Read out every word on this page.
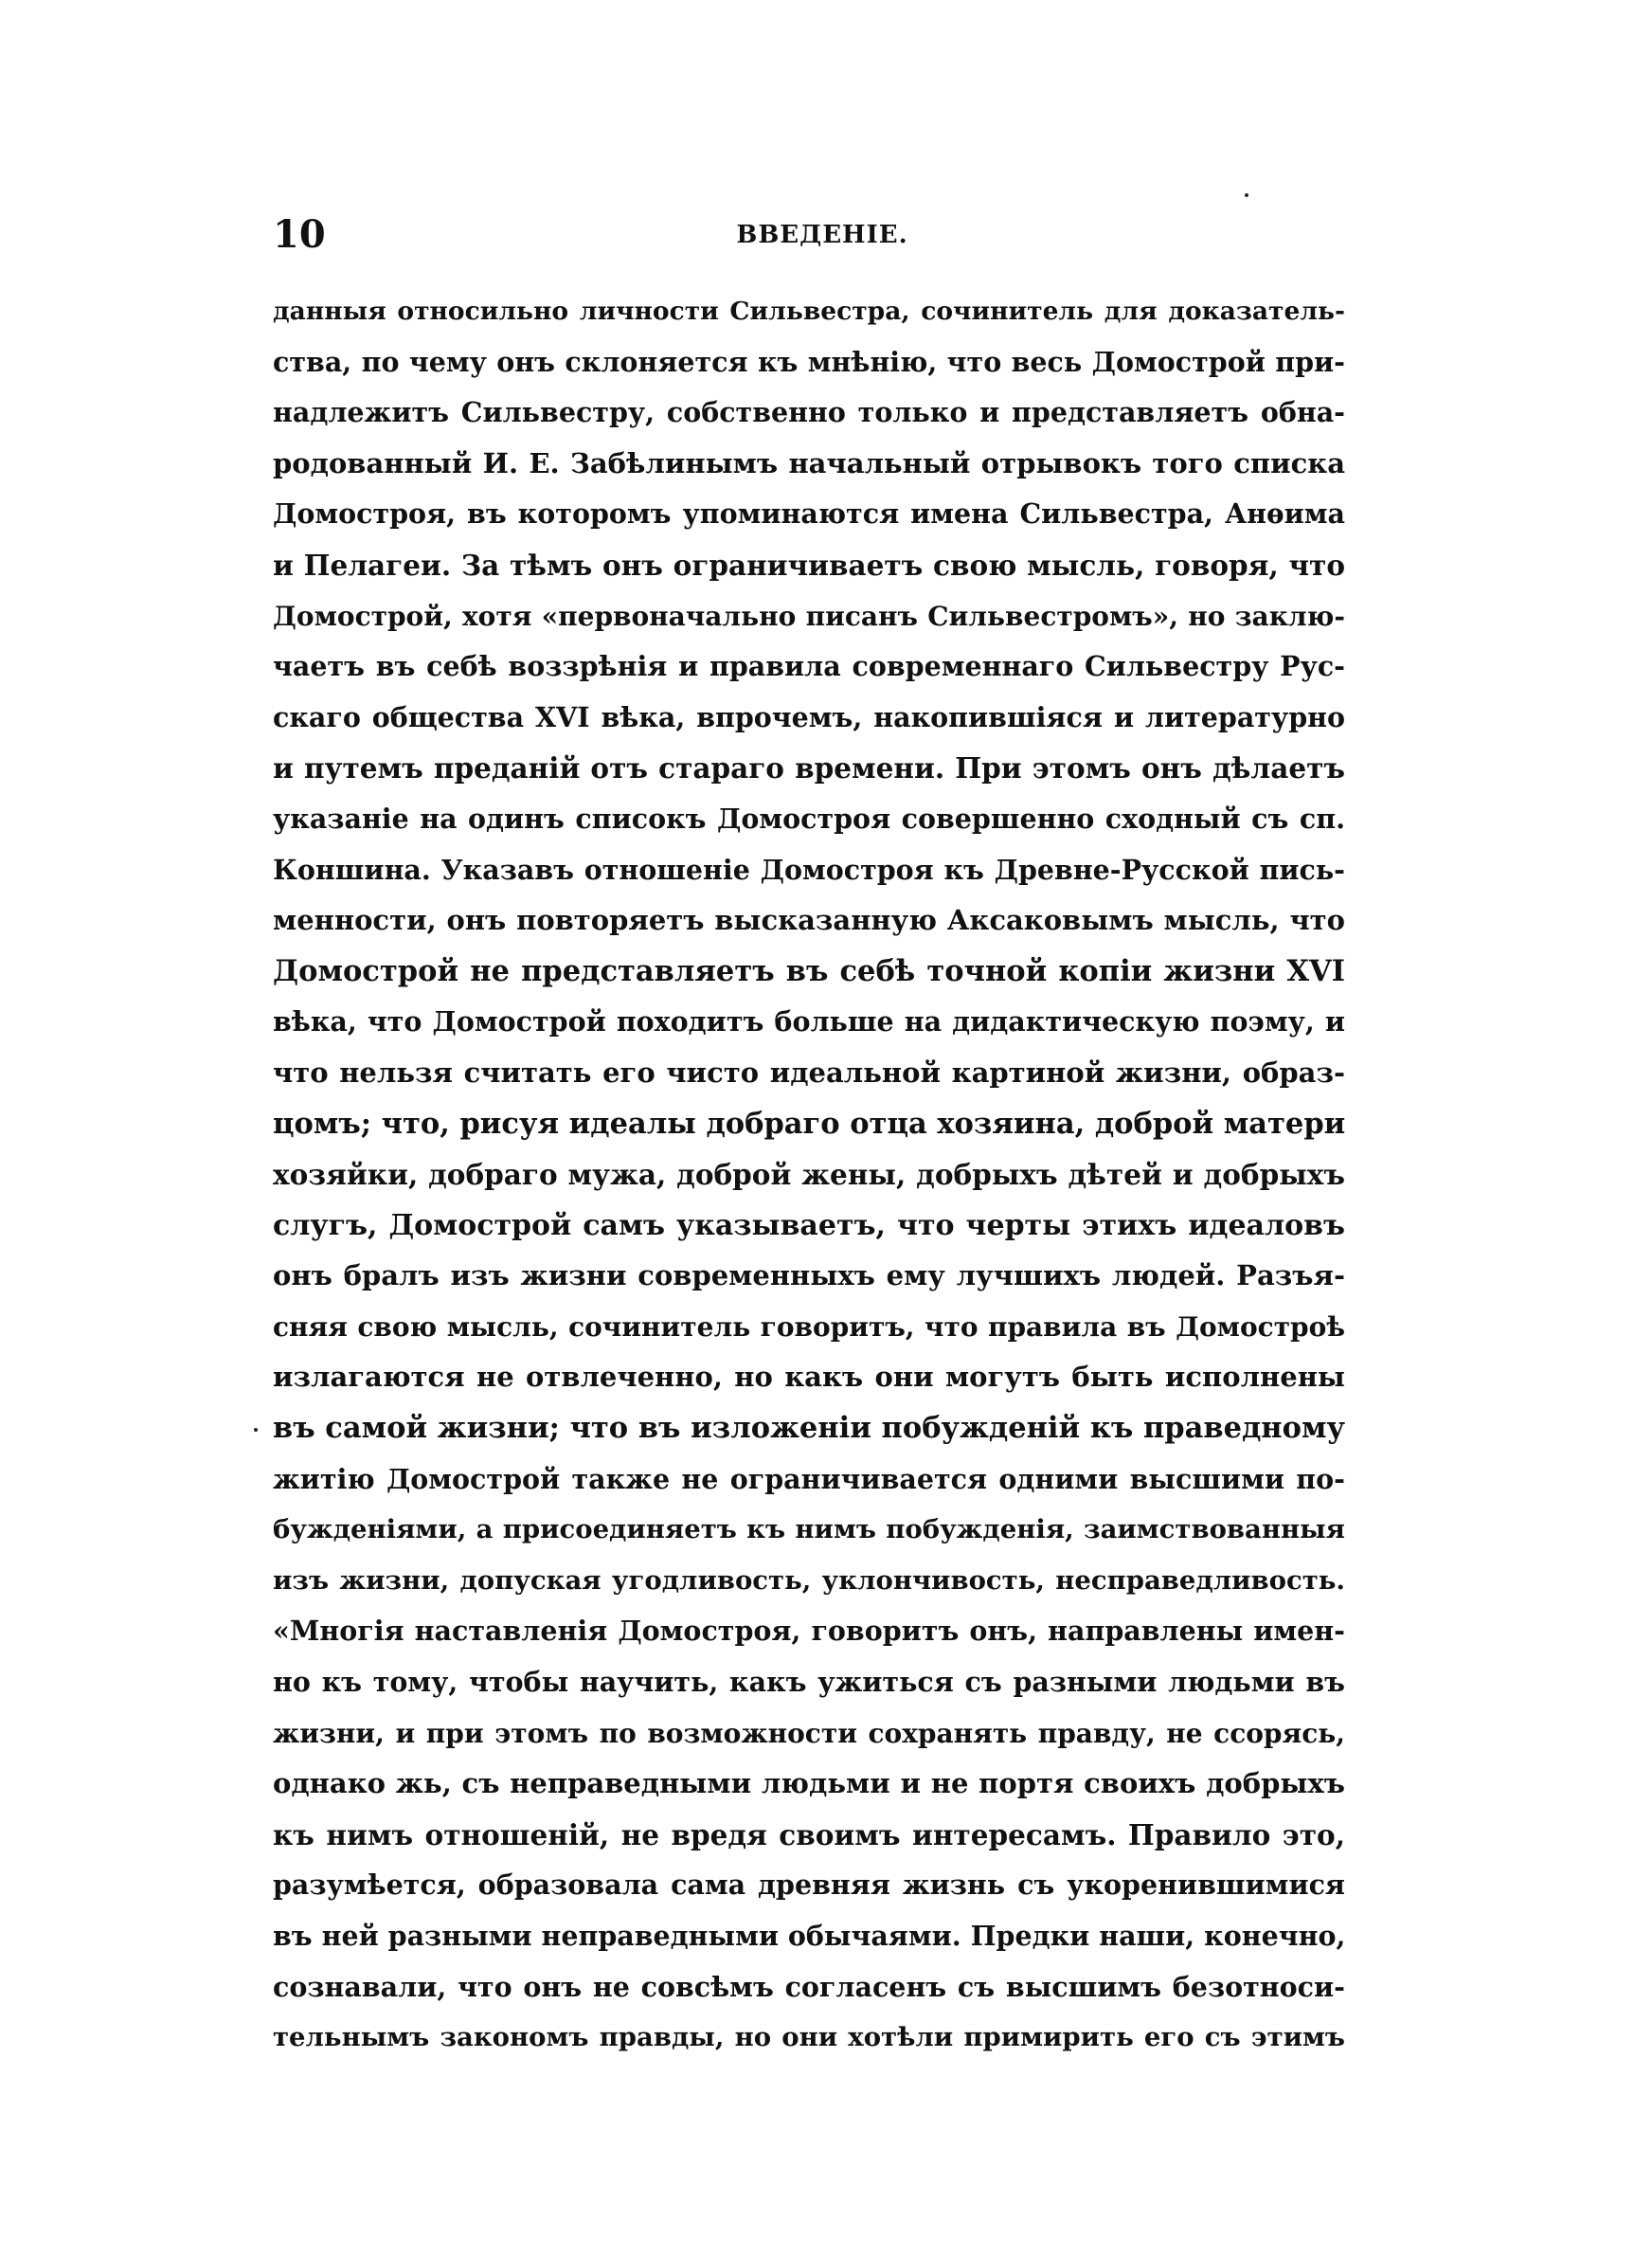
10	ВВЕДЕНІЕ.
данныя относильно личности Сильвестра, сочинитель для доказатель-
ства, по чему онъ склоняется къ мнѣнію, что весь Домострой при-
надлежитъ Сильвестру, собственно только и представляетъ обна-
родованный И. Е. Забѣлинымъ начальный отрывокъ того списка
Домостроя, въ которомъ упоминаются имена Сильвестра, Анѳима
и Пелагеи. За тѣмъ онъ ограничиваетъ свою мысль, говоря, что
Домострой, хотя «первоначально писанъ Сильвестромъ», но заклю-
чаетъ въ себѣ воззрѣнія и правила современнаго Сильвестру Рус-
скаго общества XVI вѣка, впрочемъ, накопившіяся и литературно
и путемъ преданій отъ стараго времени. При этомъ онъ дѣлаетъ
указаніе на одинъ списокъ Домостроя совершенно сходный съ сп.
Коншина. Указавъ отношеніе Домостроя къ Древне-Русской пись-
менности, онъ повторяетъ высказанную Аксаковымъ мысль, что
Домострой не представляетъ въ себѣ точной копіи жизни XVI
вѣка, что Домострой походитъ больше на дидактическую поэму, и
что нельзя считать его чисто идеальной картиной жизни, образ-
цомъ; что, рисуя идеалы добраго отца хозяина, доброй матери
хозяйки, добраго мужа, доброй жены, добрыхъ дѣтей и добрыхъ
слугъ, Домострой самъ указываетъ, что черты этихъ идеаловъ
онъ бралъ изъ жизни современныхъ ему лучшихъ людей. Разъя-
сняя свою мысль, сочинитель говоритъ, что правила въ Домостроѣ
излагаются не отвлеченно, но какъ они могутъ быть исполнены
въ самой жизни; что въ изложеніи побужденій къ праведному
житію Домострой также не ограничивается одними высшими по-
бужденіями, а присоединяетъ къ нимъ побужденія, заимствованныя
изъ жизни, допуская угодливость, уклончивость, несправедливость.
«Многія наставленія Домостроя, говоритъ онъ, направлены имен-
но къ тому, чтобы научить, какъ ужиться съ разными людьми въ
жизни, и при этомъ по возможности сохранять правду, не ссорясь,
однако жь, съ неправедными людьми и не портя своихъ добрыхъ
къ нимъ отношеній, не вредя своимъ интересамъ. Правило это,
разумѣется, образовала сама древняя жизнь съ укоренившимися
въ ней разными неправедными обычаями. Предки наши, конечно,
сознавали, что онъ не совсѣмъ согласенъ съ высшимъ безотноси-
тельнымъ закономъ правды, но они хотѣли примирить его съ этимъ
